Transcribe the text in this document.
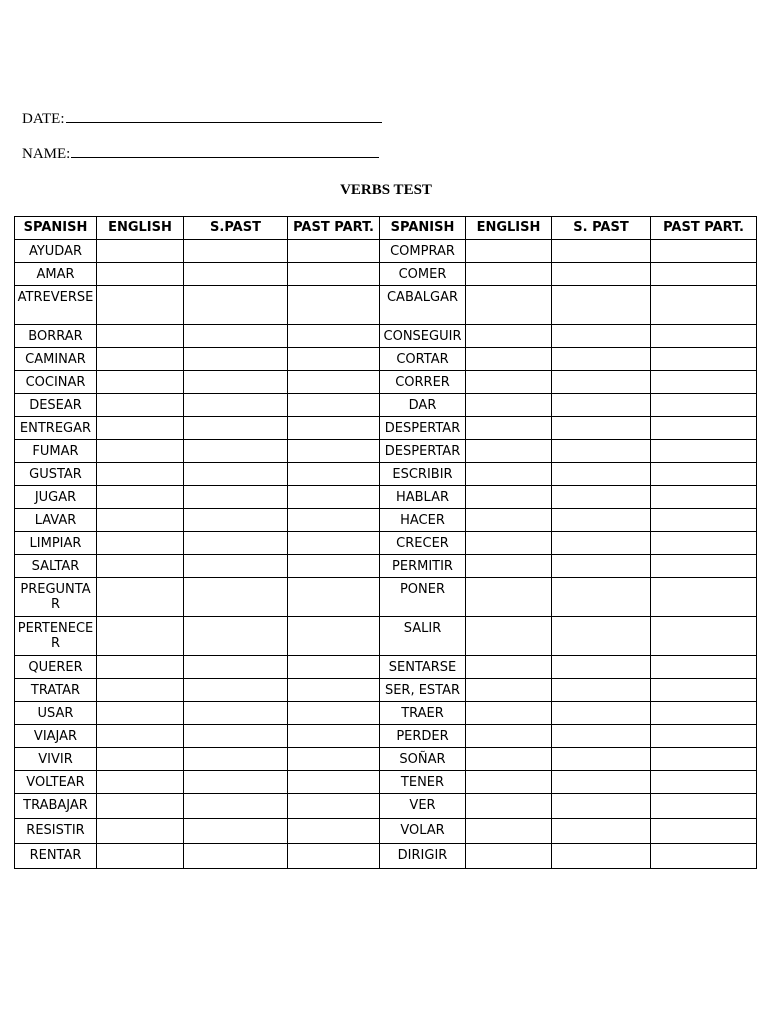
DATE:
NAME:
VERBS TEST
SPANISH	ENGLISH	S.PAST	PAST PART.	SPANISH	ENGLISH	S. PAST	PAST PART.
AYUDAR				COMPRAR			
AMAR				COMER			
ATREVERSE				CABALGAR			
BORRAR				CONSEGUIR			
CAMINAR				CORTAR			
COCINAR				CORRER			
DESEAR				DAR			
ENTREGAR				DESPERTAR			
FUMAR				DESPERTAR			
GUSTAR				ESCRIBIR			
JUGAR				HABLAR			
LAVAR				HACER			
LIMPIAR				CRECER			
SALTAR				PERMITIR			
PREGUNTAR				PONER			
PERTENECER				SALIR			
QUERER				SENTARSE			
TRATAR				SER, ESTAR			
USAR				TRAER			
VIAJAR				PERDER			
VIVIR				SOÑAR			
VOLTEAR				TENER			
TRABAJAR				VER			
RESISTIR				VOLAR			
RENTAR				DIRIGIR			
